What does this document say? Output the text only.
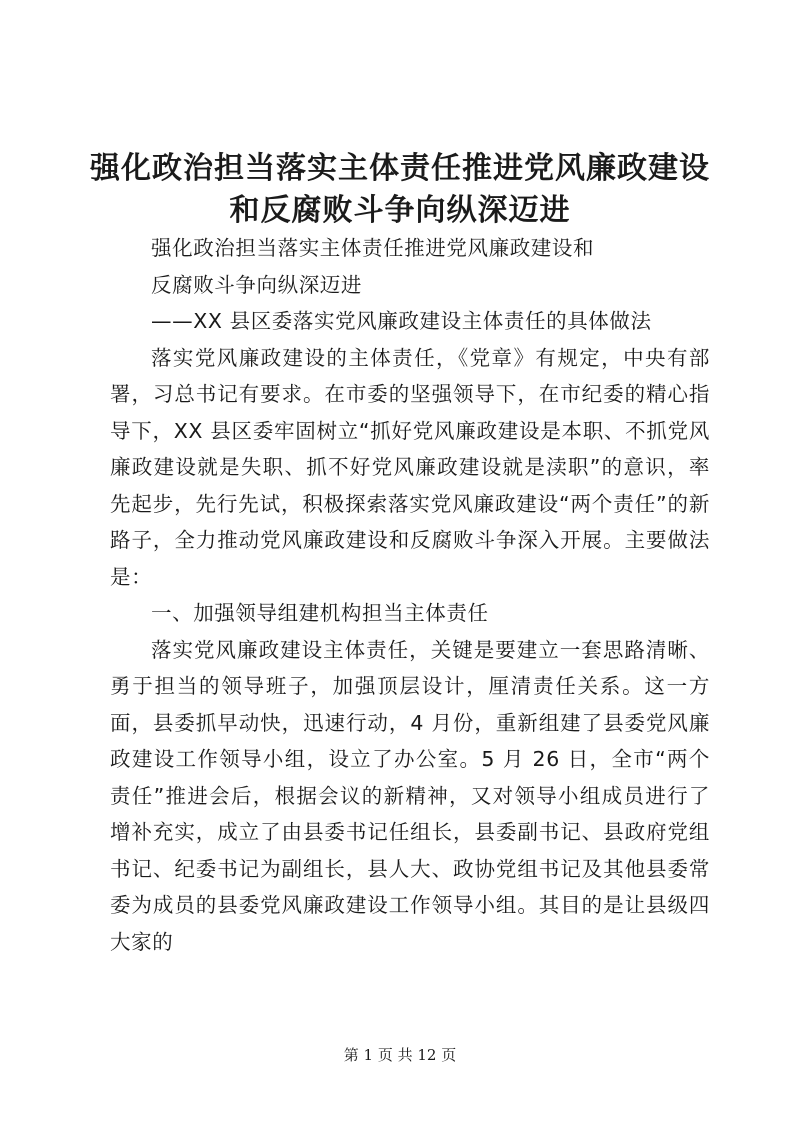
强化政治担当落实主体责任推进党风廉政建设
和反腐败斗争向纵深迈进

强化政治担当落实主体责任推进党风廉政建设和

反腐败斗争向纵深迈进

——XX 县区委落实党风廉政建设主体责任的具体做法

落实党风廉政建设的主体责任，《党章》有规定，中央有部署，习总书记有要求。在市委的坚强领导下，在市纪委的精心指导下，XX 县区委牢固树立“抓好党风廉政建设是本职、不抓党风廉政建设就是失职、抓不好党风廉政建设就是渎职”的意识，率先起步，先行先试，积极探索落实党风廉政建设“两个责任”的新路子，全力推动党风廉政建设和反腐败斗争深入开展。主要做法是：

一、加强领导组建机构担当主体责任

落实党风廉政建设主体责任，关键是要建立一套思路清晰、勇于担当的领导班子，加强顶层设计，厘清责任关系。这一方面，县委抓早动快，迅速行动，4 月份，重新组建了县委党风廉政建设工作领导小组，设立了办公室。5 月 26 日，全市“两个责任”推进会后，根据会议的新精神，又对领导小组成员进行了增补充实，成立了由县委书记任组长，县委副书记、县政府党组书记、纪委书记为副组长，县人大、政协党组书记及其他县委常委为成员的县委党风廉政建设工作领导小组。其目的是让县级四大家的

第 1 页 共 12 页
